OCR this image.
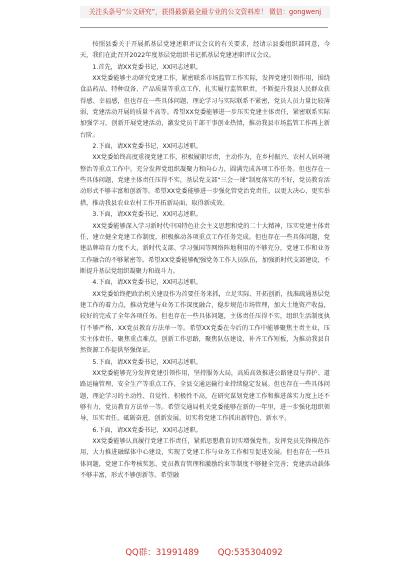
关注头条号“公文研究”，获得最新最全最专业的公文资料库！ 微信：gongwenj

按照县委关于开展抓基层党建述职评议会议的有关要求，经请示县委组织部同意，今天，我们在此召开2022年度基层党组织书记抓基层党建述职评议会议。

1.首先，请XX党委书记，XX同志述职。

XX党委能够主动研究党建工作，紧密联系市场监管工作实际，发挥党建引领作用，围绕食品药品、特种设备、产品质量等重点工作，扎实履行监管职责，不断提升我县人民群众获得感、幸福感，但也存在一些具体问题，理论学习与实际联系不紧密，党员人员力量比较薄弱，党建活动开展的质量不高等。希望XX党委能够进一步压实党建主体责任，紧密联系实际加强学习，创新开展党建活动，激发党员干部干事创业热情，推动我县市场监管工作再上新台阶。

2.下面，请XX党委书记，XX同志述职。

XX党委始终高度重视党建工作，积极履职尽责，主动作为，在乡村振兴、农村人居环境整治等重点工作中，充分发挥党组织凝聚力和向心力，圆满完成各项工作任务。但也存在一些具体问题，党建主体责任压得不实，基层党支部“三会一课”制度落实的不好，党员教育活动形式不够丰富和创新等。希望XX党委能够进一步强化管党治党责任，以更大决心、更实举措，推动我县农业农村工作开拓新局面、取得新成效。

3.下面，请XX党委书记，XX同志述职。

XX党委能够深入学习新时代中国特色社会主义思想和党的二十大精神，压实党建主体责任，建立健全党建工作制度，积极推动各项重点工作任务完成。但也存在一些具体问题，党建品牌培育力度不大，新时代支部、学习强国等网络阵地利用的不够充分，党建工作和业务工作融合的不够紧密等。希望XX党委能够配强党务工作人员队伍，加强新时代支部建设，不断提升基层党组织凝聚力和战斗力。

4.下面，请XX党委书记，XX同志述职。

XX党委始终把政治机关建设作为首要任务来抓，立足实际、开拓创新，找准疏通基层党建工作的着力点，推动党建与业务工作深度融合，稳步规范市场管理，加大土地资产收益，较好的完成了全年各项任务。但也存在一些具体问题，主体责任压得不实，组织生活制度执行不够严格，XX党员教育方法单一等。希望XX党委在今后的工作中能够聚焦主责主业，压实主体责任，聚焦重点难点，创新工作思路，聚焦队伍建设，补齐工作短板，为推动我县自然资源工作提供坚强保证。

5.下面，请XX党委书记，XX同志述职。

XX党委能够充分发挥党建引领作用，坚持服务大局，高质高效推进公路建设与养护、道路运输管理、安全生产等重点工作，全县交通运输行业持续稳定发展。但也存在一些具体问题，理论学习的主动性、自觉性、积极性不高，在研究谋划党建工作和推进落实力度上还不够有力，党员教育方法单一等。希望交通局机关党委能够在新的一年里，进一步强化组织领导，压实责任，砥砺奋进，创新发展，切实将党建工作抓出新特色、新水平。

6.下面，请XX党委书记，XX同志述职。

XX党委能够认真履行党建工作责任，紧抓思想教育切实增强党性，发挥党员先锋模范作用，大力推进融媒体中心建设，实现了党建工作与业务工作相互促进发展。但也存在一些具体问题，党建工作考核奖惩、党员教育管理和激励约束等制度不够健全完善；党建活动载体不够丰富，形式不够创新等。希望融

QQ群：31991489 QQ:535304092
